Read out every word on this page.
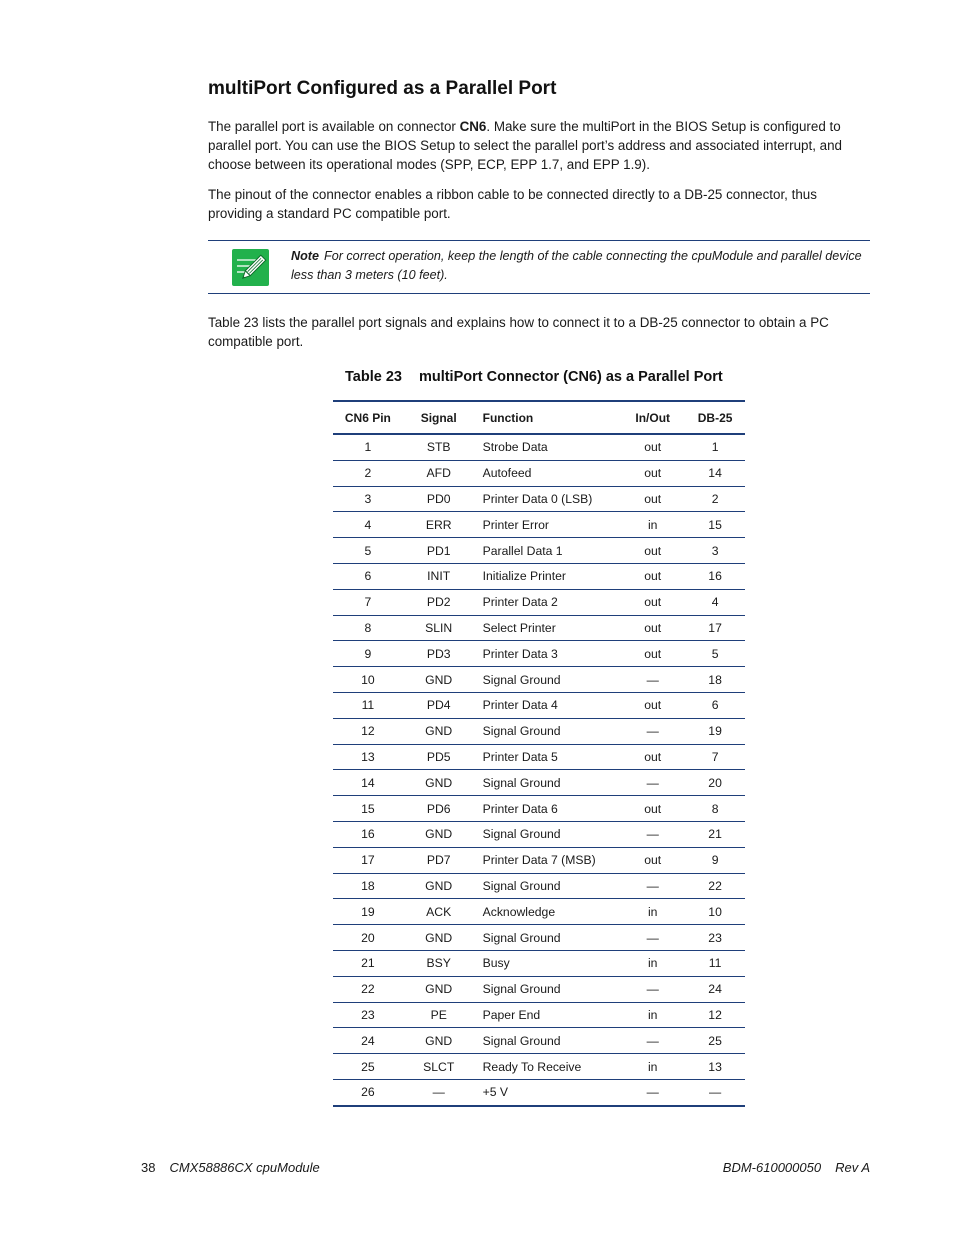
multiPort Configured as a Parallel Port

The parallel port is available on connector CN6. Make sure the multiPort in the BIOS Setup is configured to parallel port. You can use the BIOS Setup to select the parallel port’s address and associated interrupt, and choose between its operational modes (SPP, ECP, EPP 1.7, and EPP 1.9).

The pinout of the connector enables a ribbon cable to be connected directly to a DB-25 connector, thus providing a standard PC compatible port.

Note For correct operation, keep the length of the cable connecting the cpuModule and parallel device less than 3 meters (10 feet).

Table 23 lists the parallel port signals and explains how to connect it to a DB-25 connector to obtain a PC compatible port.

Table 23 multiPort Connector (CN6) as a Parallel Port
CN6 Pin	Signal	Function	In/Out	DB-25
1	STB	Strobe Data	out	1
2	AFD	Autofeed	out	14
3	PD0	Printer Data 0 (LSB)	out	2
4	ERR	Printer Error	in	15
5	PD1	Parallel Data 1	out	3
6	INIT	Initialize Printer	out	16
7	PD2	Printer Data 2	out	4
8	SLIN	Select Printer	out	17
9	PD3	Printer Data 3	out	5
10	GND	Signal Ground	—	18
11	PD4	Printer Data 4	out	6
12	GND	Signal Ground	—	19
13	PD5	Printer Data 5	out	7
14	GND	Signal Ground	—	20
15	PD6	Printer Data 6	out	8
16	GND	Signal Ground	—	21
17	PD7	Printer Data 7 (MSB)	out	9
18	GND	Signal Ground	—	22
19	ACK	Acknowledge	in	10
20	GND	Signal Ground	—	23
21	BSY	Busy	in	11
22	GND	Signal Ground	—	24
23	PE	Paper End	in	12
24	GND	Signal Ground	—	25
25	SLCT	Ready To Receive	in	13
26	—	+5 V	—	—
38 CMX58886CX cpuModule	BDM-610000050 Rev A
